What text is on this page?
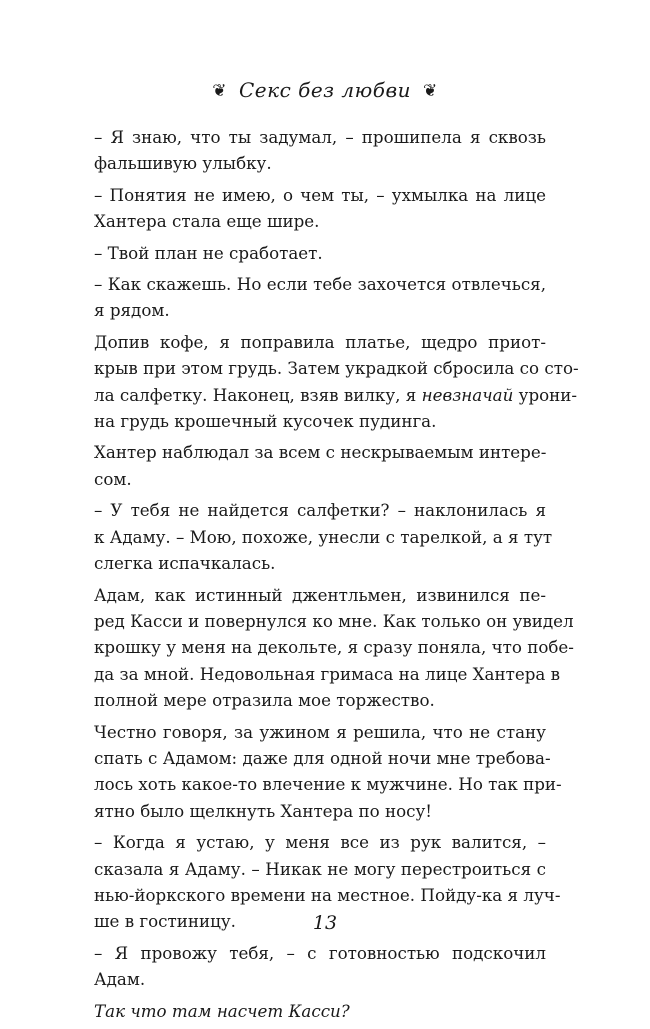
❦ Секс без любви ❦

– Я знаю, что ты задумал, – прошипела я сквозь
фальшивую улыбку.

– Понятия не имею, о чем ты, – ухмылка на лице
Хантера стала еще шире.

– Твой план не сработает.

– Как скажешь. Но если тебе захочется отвлечься,
я рядом.

Допив кофе, я поправила платье, щедро приот-
крыв при этом грудь. Затем украдкой сбросила со сто-
ла салфетку. Наконец, взяв вилку, я невзначай урони-
на грудь крошечный кусочек пудинга.

Хантер наблюдал за всем с нескрываемым интере-
сом.

– У тебя не найдется салфетки? – наклонилась я
к Адаму. – Мою, похоже, унесли с тарелкой, а я тут
слегка испачкалась.

Адам, как истинный джентльмен, извинился пе-
ред Касси и повернулся ко мне. Как только он увидел
крошку у меня на декольте, я сразу поняла, что побе-
да за мной. Недовольная гримаса на лице Хантера в
полной мере отразила мое торжество.

Честно говоря, за ужином я решила, что не стану
спать с Адамом: даже для одной ночи мне требова-
лось хоть какое-то влечение к мужчине. Но так при-
ятно было щелкнуть Хантера по носу!

– Когда я устаю, у меня все из рук валится, –
сказала я Адаму. – Никак не могу перестроиться с
нью-йоркского времени на местное. Пойду-ка я луч-
ше в гостиницу.

– Я провожу тебя, – с готовностью подскочил
Адам.

Так что там насчет Касси?

13
